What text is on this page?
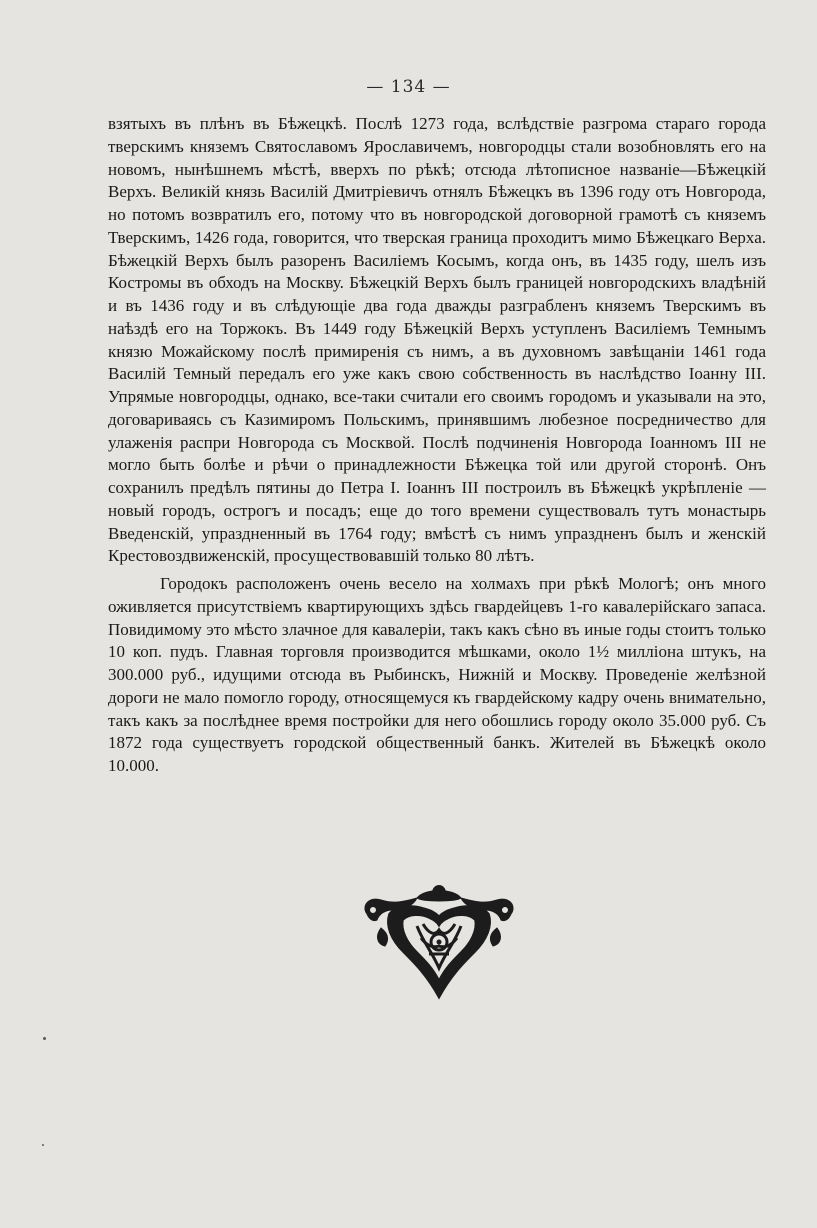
— 134 —

взятыхъ въ плѣнъ въ Бѣжецкѣ. Послѣ 1273 года, вслѣдствіе разгрома стараго города тверскимъ княземъ Святославомъ Ярославичемъ, новгородцы стали возобновлять его на новомъ, нынѣшнемъ мѣстѣ, вверхъ по рѣкѣ; отсюда лѣтописное названіе—Бѣжецкій Верхъ. Великій князь Василій Дмитріевичъ отнялъ Бѣжецкъ въ 1396 году отъ Новгорода, но потомъ возвратилъ его, потому что въ новгородской договорной грамотѣ съ княземъ Тверскимъ, 1426 года, говорится, что тверская граница проходитъ мимо Бѣжецкаго Верха. Бѣжецкій Верхъ былъ разоренъ Василіемъ Косымъ, когда онъ, въ 1435 году, шелъ изъ Костромы въ обходъ на Москву. Бѣжецкій Верхъ былъ границей новгородскихъ владѣній и въ 1436 году и въ слѣдующіе два года дважды разграбленъ княземъ Тверскимъ въ наѣздѣ его на Торжокъ. Въ 1449 году Бѣжецкій Верхъ уступленъ Василіемъ Темнымъ князю Можайскому послѣ примиренія съ нимъ, а въ духовномъ завѣщаніи 1461 года Василій Темный передалъ его уже какъ свою собственность въ наслѣдство Іоанну III. Упрямые новгородцы, однако, все-таки считали его своимъ городомъ и указывали на это, договариваясь съ Казимиромъ Польскимъ, принявшимъ любезное посредничество для улаженія распри Новгорода съ Москвой. Послѣ подчиненія Новгорода Іоанномъ III не могло быть болѣе и рѣчи о принадлежности Бѣжецка той или другой сторонѣ. Онъ сохранилъ предѣлъ пятины до Петра I. Іоаннъ III построилъ въ Бѣжецкѣ укрѣпленіе — новый городъ, острогъ и посадъ; еще до того времени существовалъ тутъ монастырь Введенскій, упраздненный въ 1764 году; вмѣстѣ съ нимъ упраздненъ былъ и женскій Крестовоздвиженскій, просуществовавшій только 80 лѣтъ.

Городокъ расположенъ очень весело на холмахъ при рѣкѣ Мологѣ; онъ много оживляется присутствіемъ квартирующихъ здѣсь гвардейцевъ 1-го кавалерійскаго запаса. Повидимому это мѣсто злачное для кавалеріи, такъ какъ сѣно въ иные годы стоитъ только 10 коп. пудъ. Главная торговля производится мѣшками, около 1½ милліона штукъ, на 300.000 руб., идущими отсюда въ Рыбинскъ, Нижній и Москву. Проведеніе желѣзной дороги не мало помогло городу, относящемуся къ гвардейскому кадру очень внимательно, такъ какъ за послѣднее время постройки для него обошлись городу около 35.000 руб. Съ 1872 года существуетъ городской общественный банкъ. Жителей въ Бѣжецкѣ около 10.000.
